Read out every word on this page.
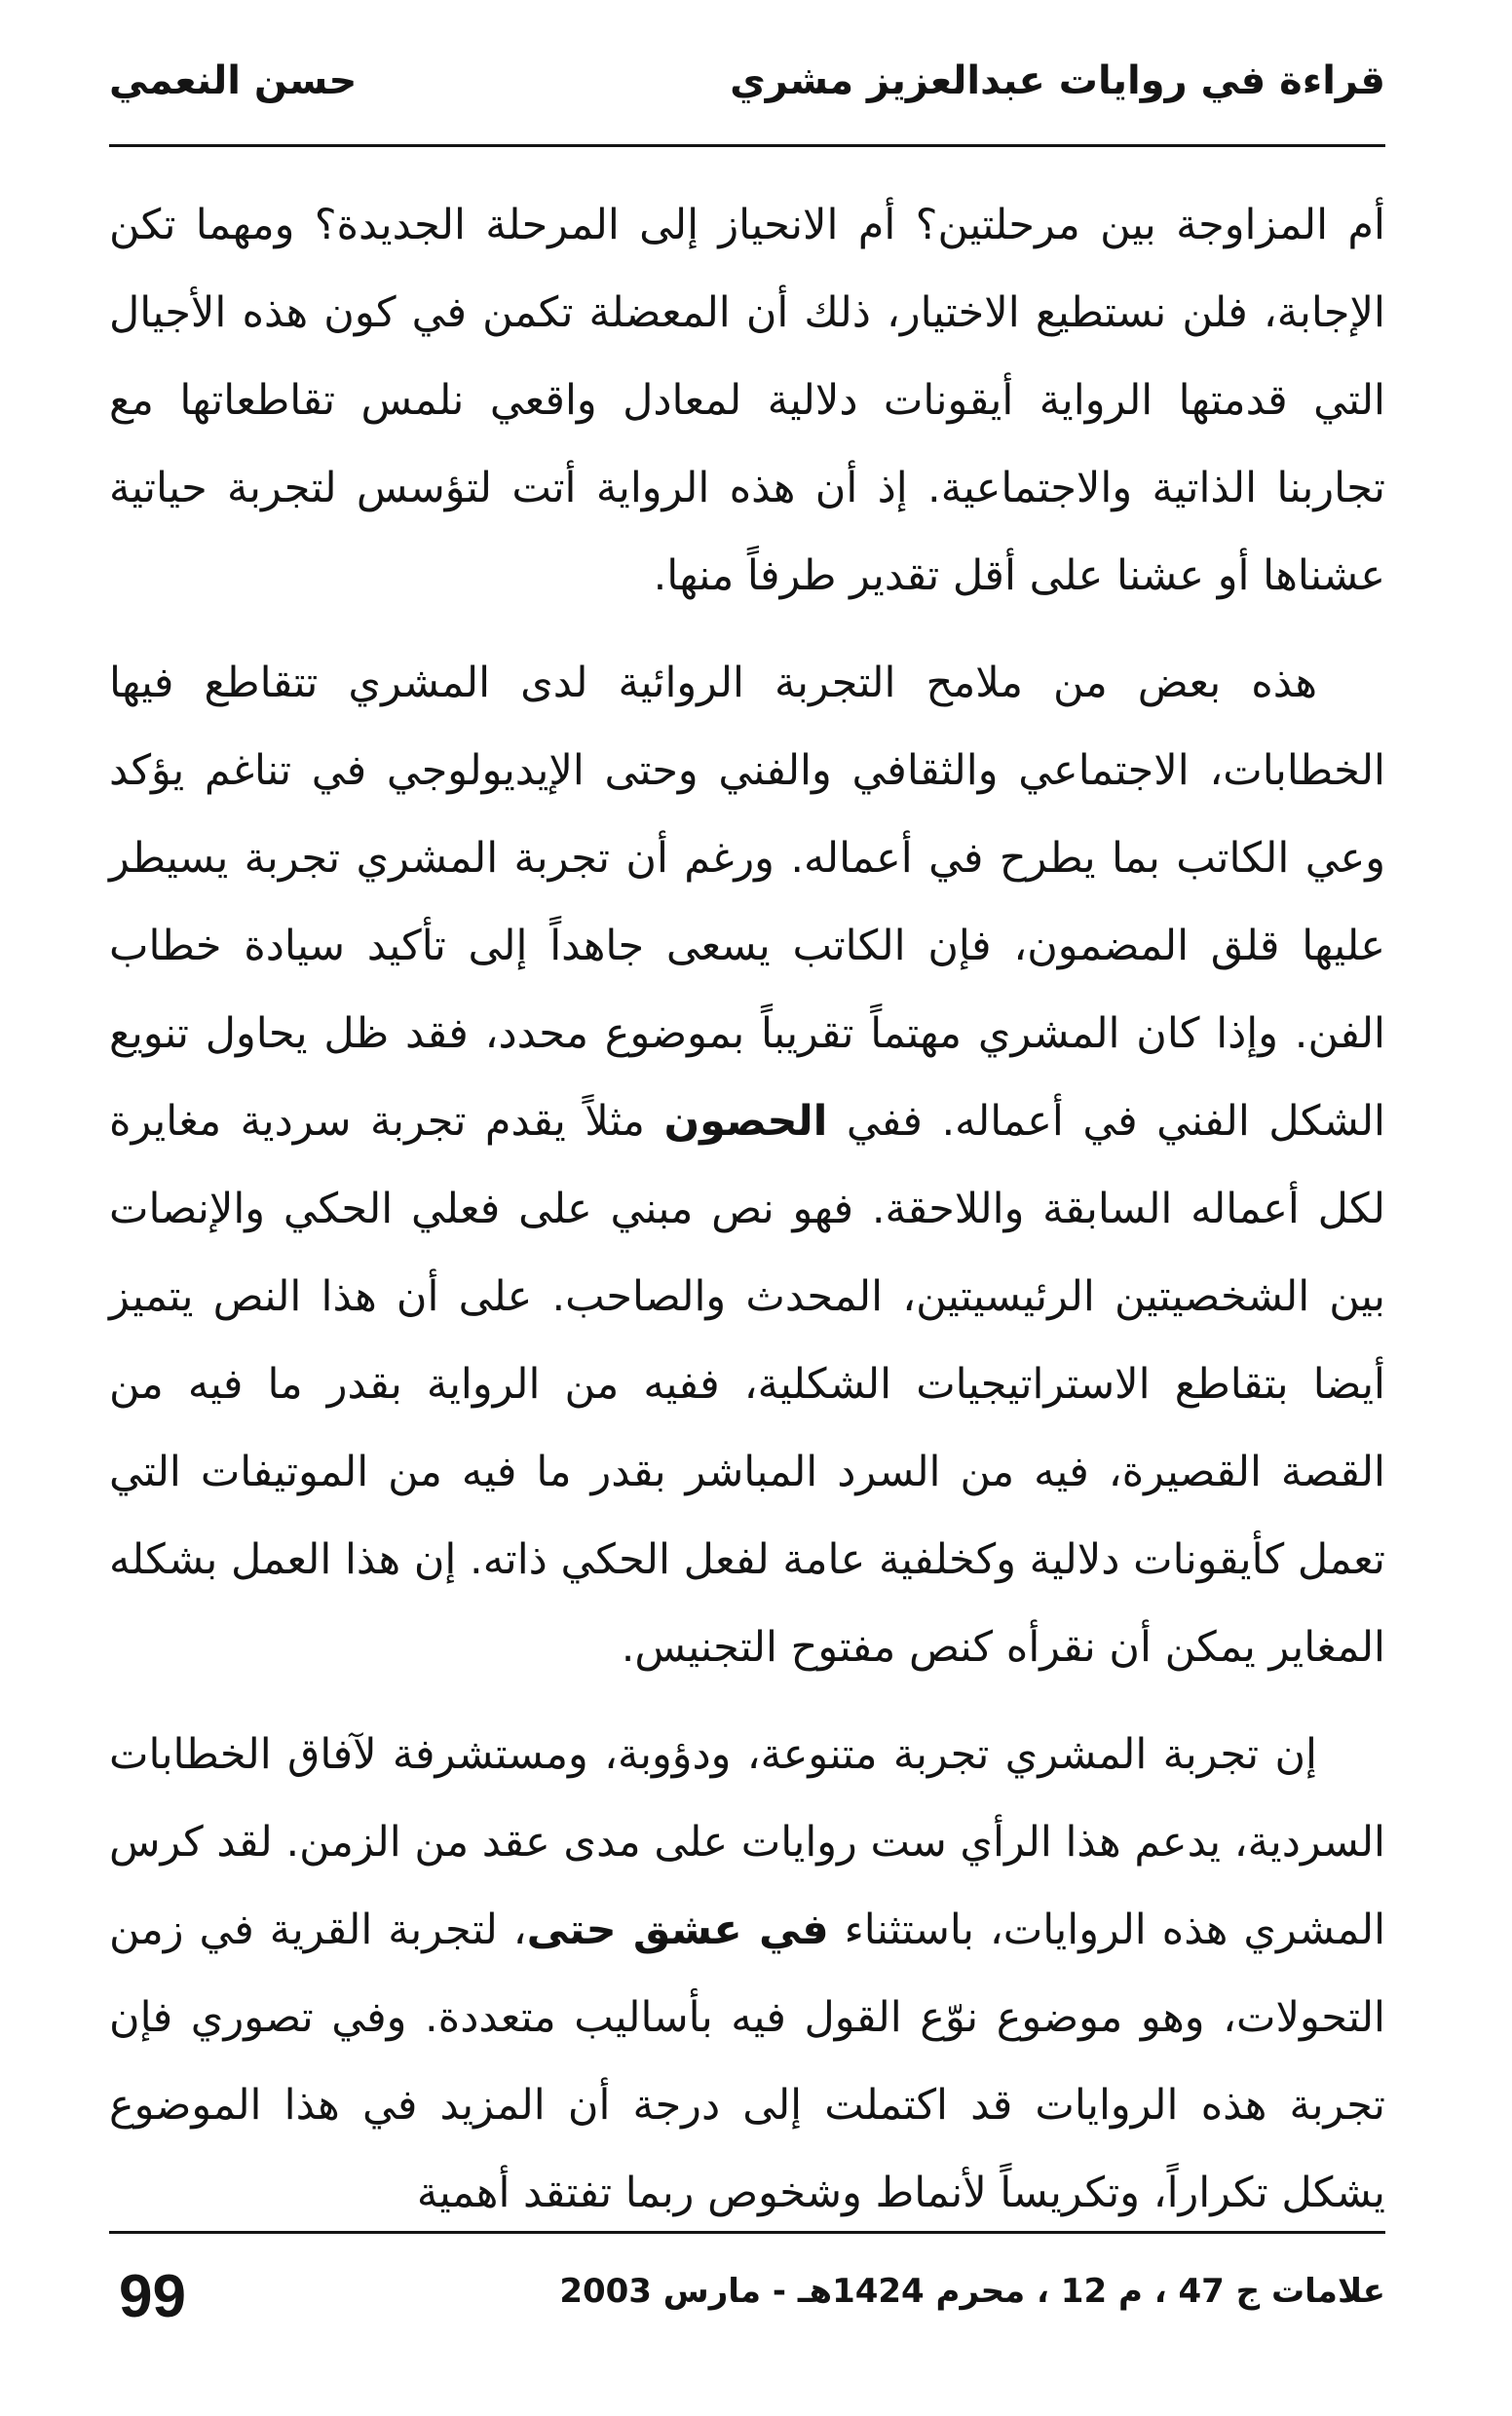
قراءة في روايات عبدالعزيز مشري
حسن النعمي

أم المزاوجة بين مرحلتين؟ أم الانحياز إلى المرحلة الجديدة؟ ومهما تكن الإجابة، فلن نستطيع الاختيار، ذلك أن المعضلة تكمن في كون هذه الأجيال التي قدمتها الرواية أيقونات دلالية لمعادل واقعي نلمس تقاطعاتها مع تجاربنا الذاتية والاجتماعية. إذ أن هذه الرواية أتت لتؤسس لتجربة حياتية عشناها أو عشنا على أقل تقدير طرفاً منها.

هذه بعض من ملامح التجربة الروائية لدى المشري تتقاطع فيها الخطابات، الاجتماعي والثقافي والفني وحتى الإيديولوجي في تناغم يؤكد وعي الكاتب بما يطرح في أعماله. ورغم أن تجربة المشري تجربة يسيطر عليها قلق المضمون، فإن الكاتب يسعى جاهداً إلى تأكيد سيادة خطاب الفن. وإذا كان المشري مهتماً تقريباً بموضوع محدد، فقد ظل يحاول تنويع الشكل الفني في أعماله. ففي الحصون مثلاً يقدم تجربة سردية مغايرة لكل أعماله السابقة واللاحقة. فهو نص مبني على فعلي الحكي والإنصات بين الشخصيتين الرئيسيتين، المحدث والصاحب. على أن هذا النص يتميز أيضا بتقاطع الاستراتيجيات الشكلية، ففيه من الرواية بقدر ما فيه من القصة القصيرة، فيه من السرد المباشر بقدر ما فيه من الموتيفات التي تعمل كأيقونات دلالية وكخلفية عامة لفعل الحكي ذاته. إن هذا العمل بشكله المغاير يمكن أن نقرأه كنص مفتوح التجنيس.

إن تجربة المشري تجربة متنوعة، ودؤوبة، ومستشرفة لآفاق الخطابات السردية، يدعم هذا الرأي ست روايات على مدى عقد من الزمن. لقد كرس المشري هذه الروايات، باستثناء في عشق حتى، لتجربة القرية في زمن التحولات، وهو موضوع نوّع القول فيه بأساليب متعددة. وفي تصوري فإن تجربة هذه الروايات قد اكتملت إلى درجة أن المزيد في هذا الموضوع يشكل تكراراً، وتكريساً لأنماط وشخوص ربما تفتقد أهمية

علامات ج 47 ، م 12 ، محرم 1424هـ - مارس 2003
99
